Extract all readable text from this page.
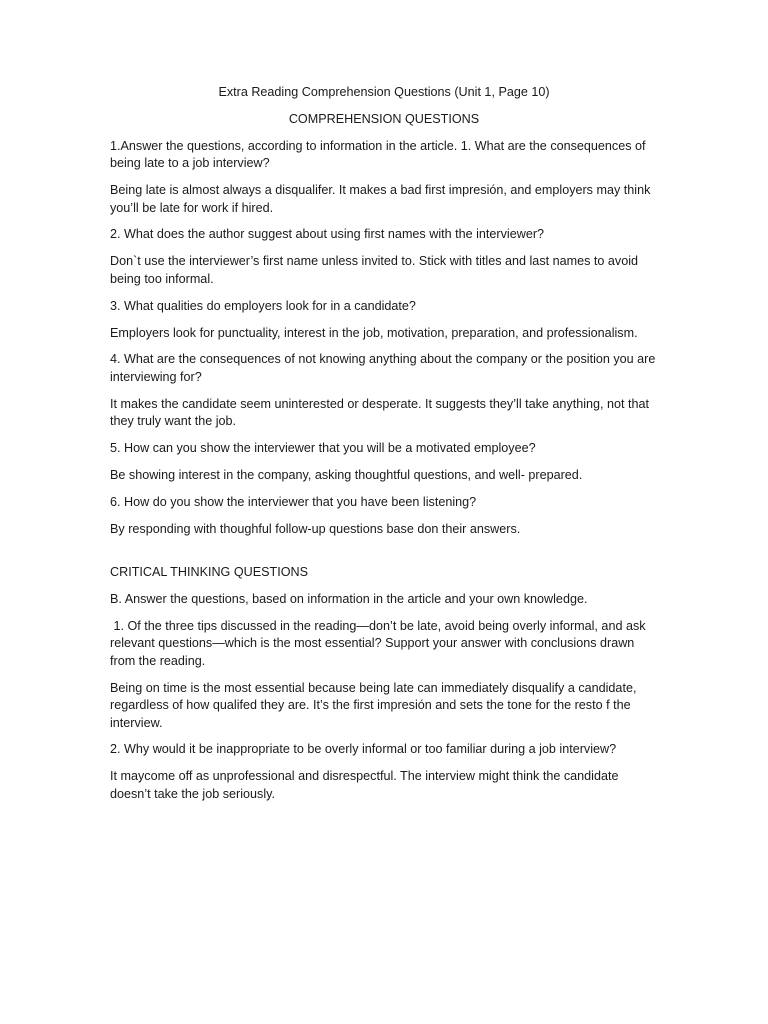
Extra Reading Comprehension Questions (Unit 1, Page 10)

COMPREHENSION QUESTIONS

1.Answer the questions, according to information in the article. 1. What are the consequences of being late to a job interview?

Being late is almost always a disqualifer. It makes a bad first impresión, and employers may think you’ll be late for work if hired.

2. What does the author suggest about using first names with the interviewer?

Don`t use the interviewer’s first name unless invited to. Stick with titles and last names to avoid being too informal.

3. What qualities do employers look for in a candidate?

Employers look for punctuality, interest in the job, motivation, preparation, and professionalism.

4. What are the consequences of not knowing anything about the company or the position you are interviewing for?

It makes the candidate seem uninterested or desperate. It suggests they’ll take anything, not that they truly want the job.

5. How can you show the interviewer that you will be a motivated employee?

Be showing interest in the company, asking thoughtful questions, and well- prepared.

6. How do you show the interviewer that you have been listening?

By responding with thoughful follow-up questions base don their answers.

CRITICAL THINKING QUESTIONS

B. Answer the questions, based on information in the article and your own knowledge.

1. Of the three tips discussed in the reading—don’t be late, avoid being overly informal, and ask relevant questions—which is the most essential? Support your answer with conclusions drawn from the reading.

Being on time is the most essential because being late can immediately disqualify a candidate, regardless of how qualifed they are. It’s the first impresión and sets the tone for the resto f the interview.

2. Why would it be inappropriate to be overly informal or too familiar during a job interview?

It maycome off as unprofessional and disrespectful. The interview might think the candidate doesn’t take the job seriously.
